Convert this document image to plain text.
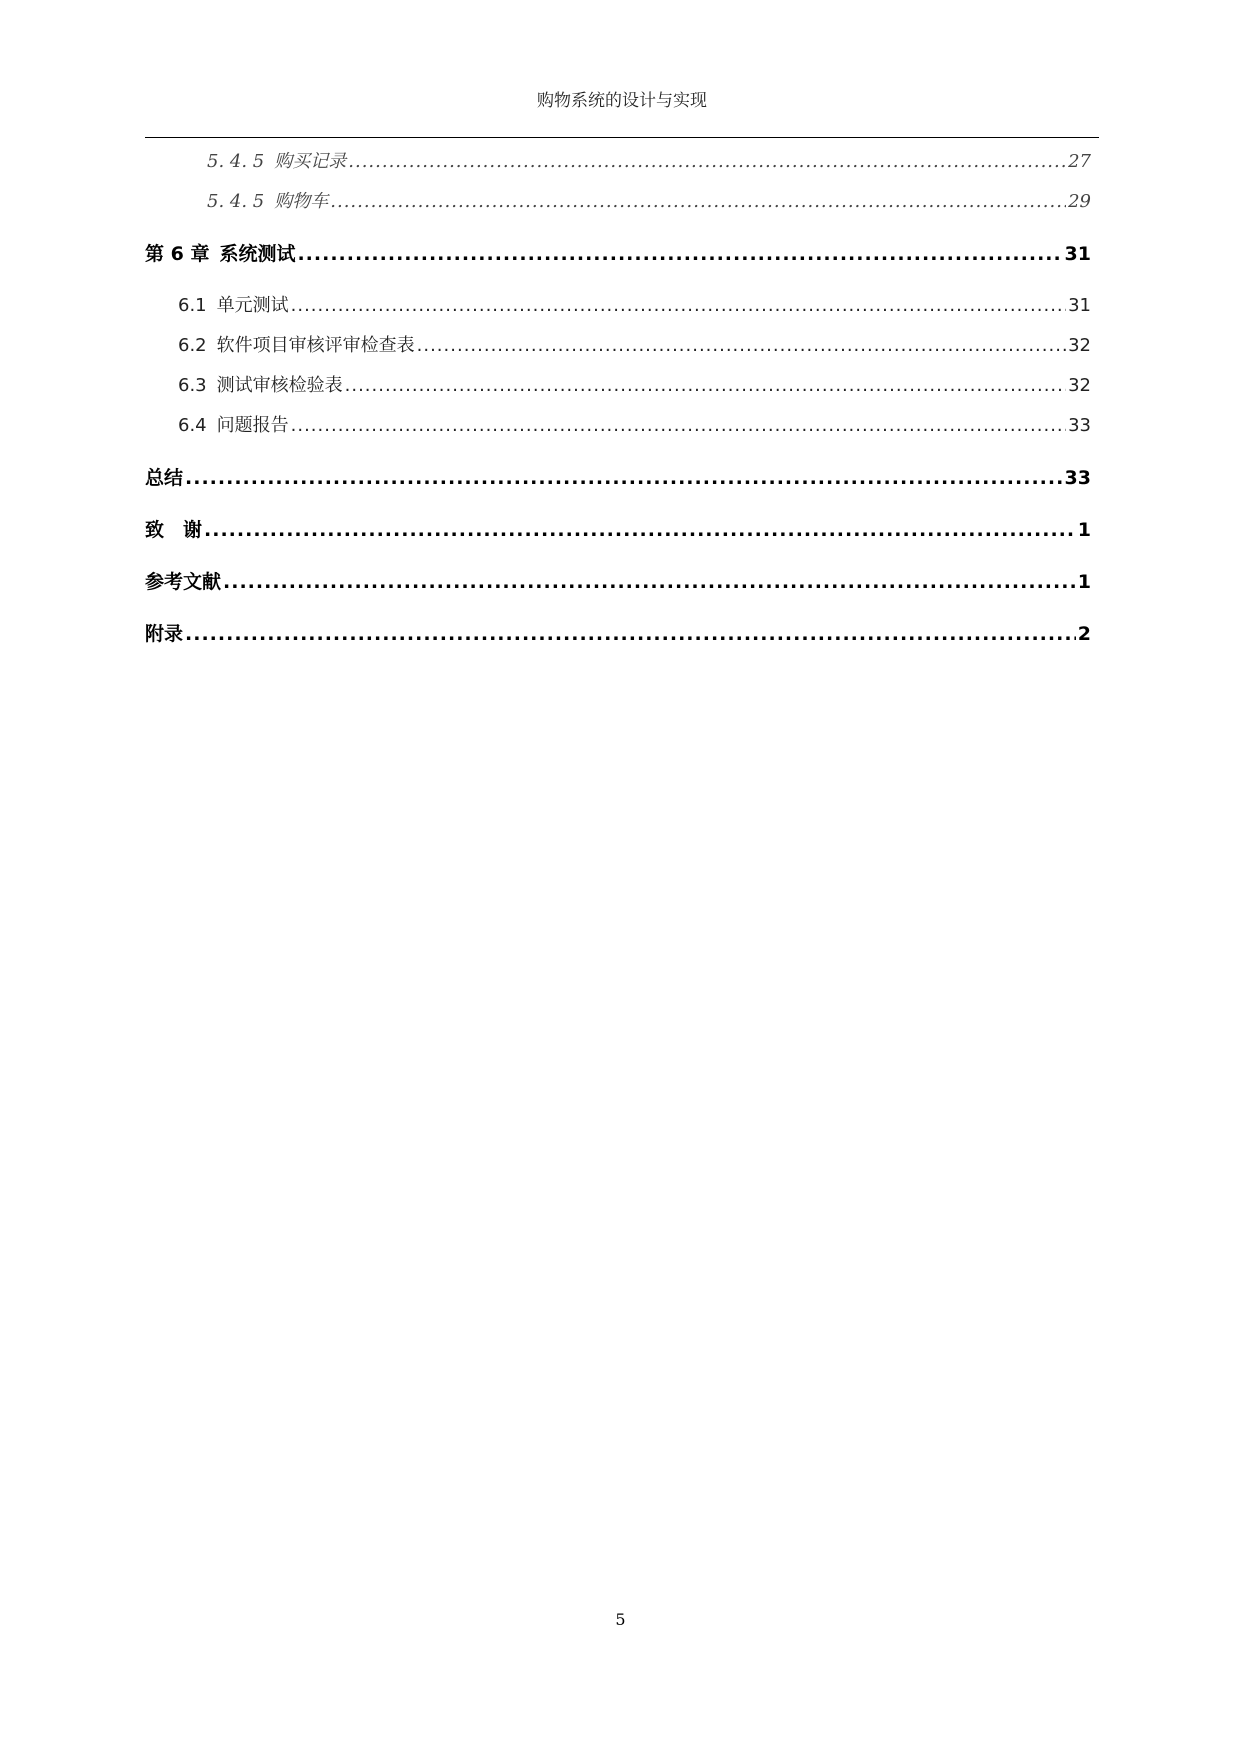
购物系统的设计与实现
5. 4. 5 购买记录 .....	27
5. 4. 5 购物车 .....	29
第 6 章 系统测试 .....	31
6.1 单元测试 .....	31
6.2 软件项目审核评审检查表 .....	32
6.3 测试审核检验表 .....	32
6.4 问题报告 .....	33
总结 .....	33
致　谢 .....	1
参考文献 .....	1
附录 .....	2
5
